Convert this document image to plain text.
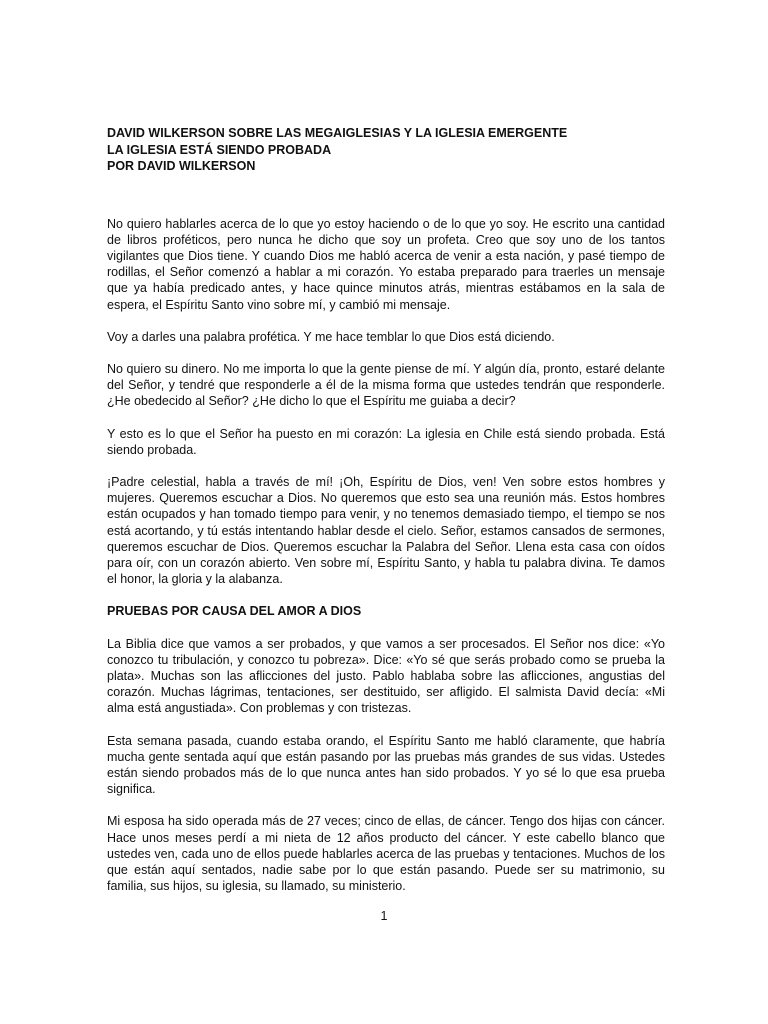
DAVID WILKERSON SOBRE LAS MEGAIGLESIAS Y LA IGLESIA EMERGENTE
LA IGLESIA ESTÁ SIENDO PROBADA
POR DAVID WILKERSON

No quiero hablarles acerca de lo que yo estoy haciendo o de lo que yo soy. He escrito una cantidad de libros proféticos, pero nunca he dicho que soy un profeta. Creo que soy uno de los tantos vigilantes que Dios tiene. Y cuando Dios me habló acerca de venir a esta nación, y pasé tiempo de rodillas, el Señor comenzó a hablar a mi corazón. Yo estaba preparado para traerles un mensaje que ya había predicado antes, y hace quince minutos atrás, mientras estábamos en la sala de espera, el Espíritu Santo vino sobre mí, y cambió mi mensaje.

Voy a darles una palabra profética. Y me hace temblar lo que Dios está diciendo.

No quiero su dinero. No me importa lo que la gente piense de mí. Y algún día, pronto, estaré delante del Señor, y tendré que responderle a él de la misma forma que ustedes tendrán que responderle. ¿He obedecido al Señor? ¿He dicho lo que el Espíritu me guiaba a decir?

Y esto es lo que el Señor ha puesto en mi corazón: La iglesia en Chile está siendo probada. Está siendo probada.

¡Padre celestial, habla a través de mí! ¡Oh, Espíritu de Dios, ven! Ven sobre estos hombres y mujeres. Queremos escuchar a Dios. No queremos que esto sea una reunión más. Estos hombres están ocupados y han tomado tiempo para venir, y no tenemos demasiado tiempo, el tiempo se nos está acortando, y tú estás intentando hablar desde el cielo. Señor, estamos cansados de sermones, queremos escuchar de Dios. Queremos escuchar la Palabra del Señor. Llena esta casa con oídos para oír, con un corazón abierto. Ven sobre mí, Espíritu Santo, y habla tu palabra divina. Te damos el honor, la gloria y la alabanza.

PRUEBAS POR CAUSA DEL AMOR A DIOS

La Biblia dice que vamos a ser probados, y que vamos a ser procesados. El Señor nos dice: «Yo conozco tu tribulación, y conozco tu pobreza». Dice: «Yo sé que serás probado como se prueba la plata». Muchas son las aflicciones del justo. Pablo hablaba sobre las aflicciones, angustias del corazón. Muchas lágrimas, tentaciones, ser destituido, ser afligido. El salmista David decía: «Mi alma está angustiada». Con problemas y con tristezas.

Esta semana pasada, cuando estaba orando, el Espíritu Santo me habló claramente, que habría mucha gente sentada aquí que están pasando por las pruebas más grandes de sus vidas. Ustedes están siendo probados más de lo que nunca antes han sido probados. Y yo sé lo que esa prueba significa.

Mi esposa ha sido operada más de 27 veces; cinco de ellas, de cáncer. Tengo dos hijas con cáncer. Hace unos meses perdí a mi nieta de 12 años producto del cáncer. Y este cabello blanco que ustedes ven, cada uno de ellos puede hablarles acerca de las pruebas y tentaciones. Muchos de los que están aquí sentados, nadie sabe por lo que están pasando. Puede ser su matrimonio, su familia, sus hijos, su iglesia, su llamado, su ministerio.

1
